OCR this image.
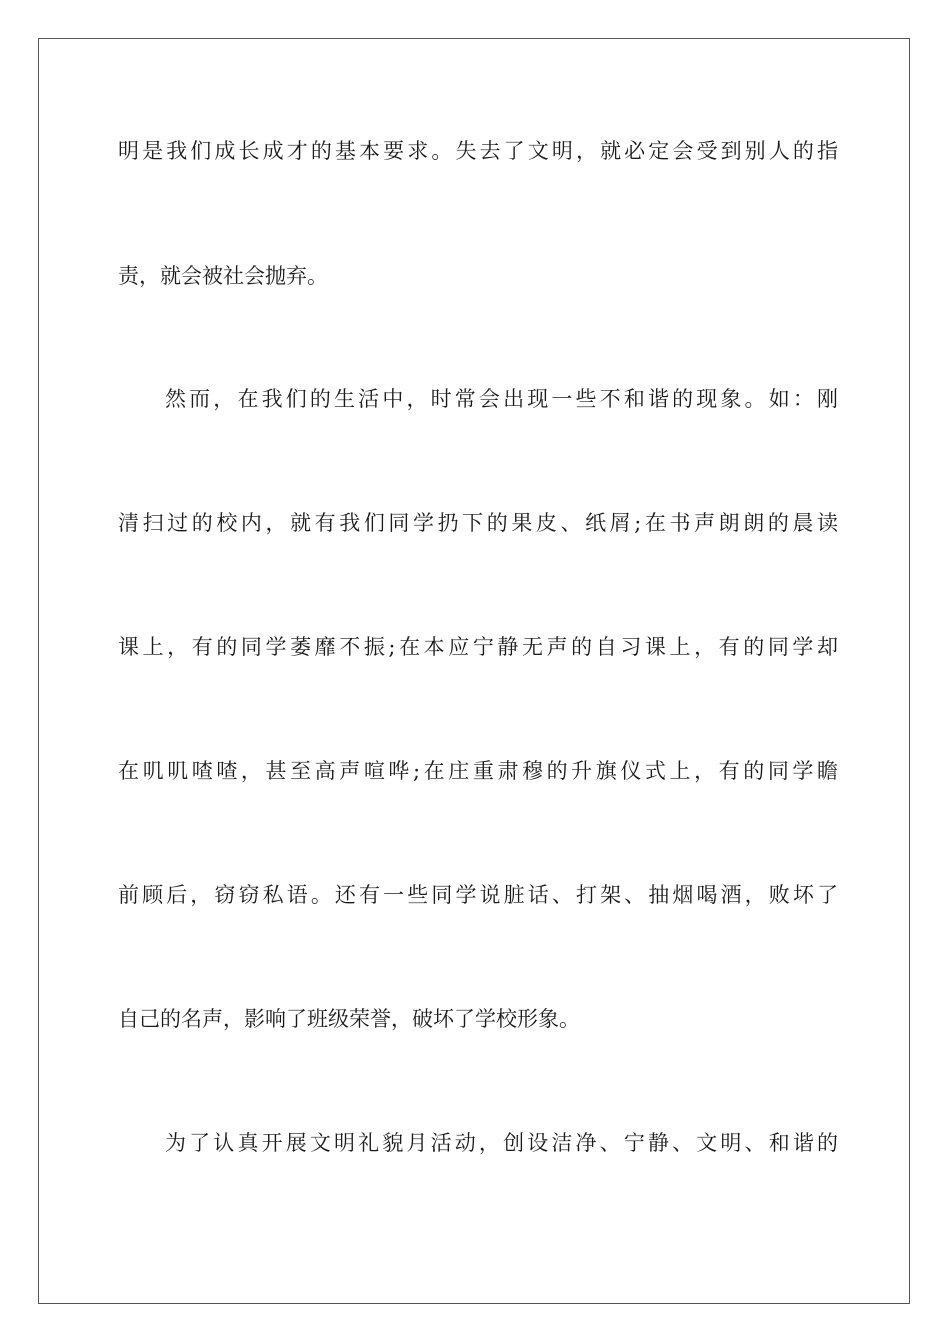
明是我们成长成才的基本要求。失去了文明，就必定会受到别人的指

责，就会被社会抛弃。

然而，在我们的生活中，时常会出现一些不和谐的现象。如：刚

清扫过的校内，就有我们同学扔下的果皮、纸屑;在书声朗朗的晨读

课上，有的同学萎靡不振;在本应宁静无声的自习课上，有的同学却

在叽叽喳喳，甚至高声喧哗;在庄重肃穆的升旗仪式上，有的同学瞻

前顾后，窃窃私语。还有一些同学说脏话、打架、抽烟喝酒，败坏了

自己的名声，影响了班级荣誉，破坏了学校形象。

为了认真开展文明礼貌月活动，创设洁净、宁静、文明、和谐的
